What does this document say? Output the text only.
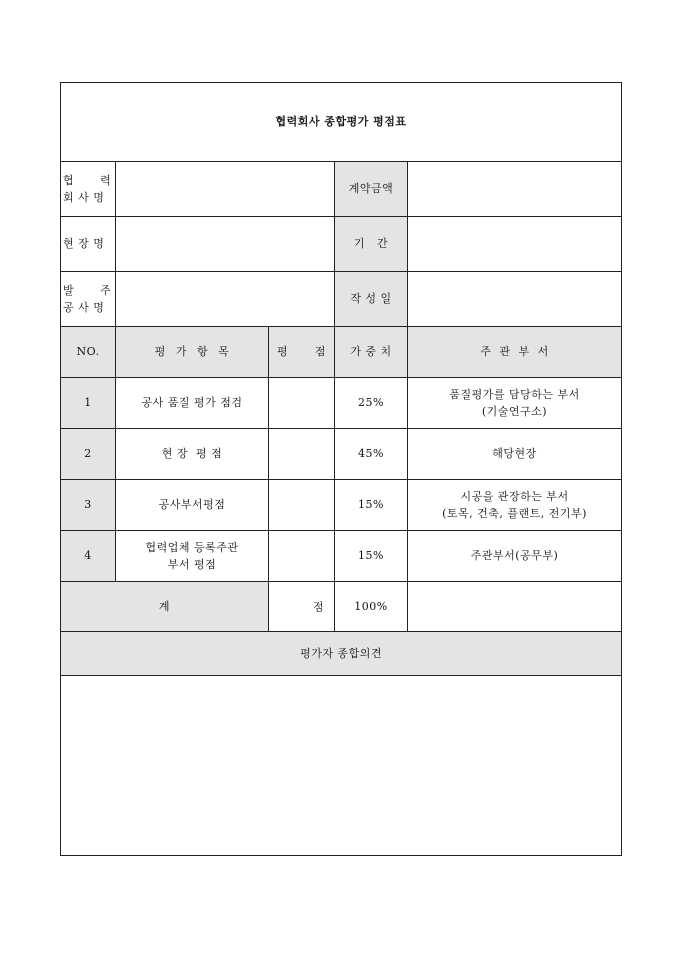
협력회사 종합평가 평점표				

협 력
회 사 명			계약금액	
현 장 명			기   간	

발 주
공 사 명			작 성 일	
NO.	평 가 항 목	평 점	가 중 치	주  관  부  서
1	공사 품질 평가 점검		25%	품질평가를 담당하는 부서
(기술연구소)

2	현 장  평 점		45%	해당현장

3	공사부서평점		15%	시공을 관장하는 부서
(토목, 건축, 플랜트, 전기부)

4	협력업체 등록주관
부서 평점		15%	주관부서(공무부)

계		점	100%	
평가자 종합의견				
